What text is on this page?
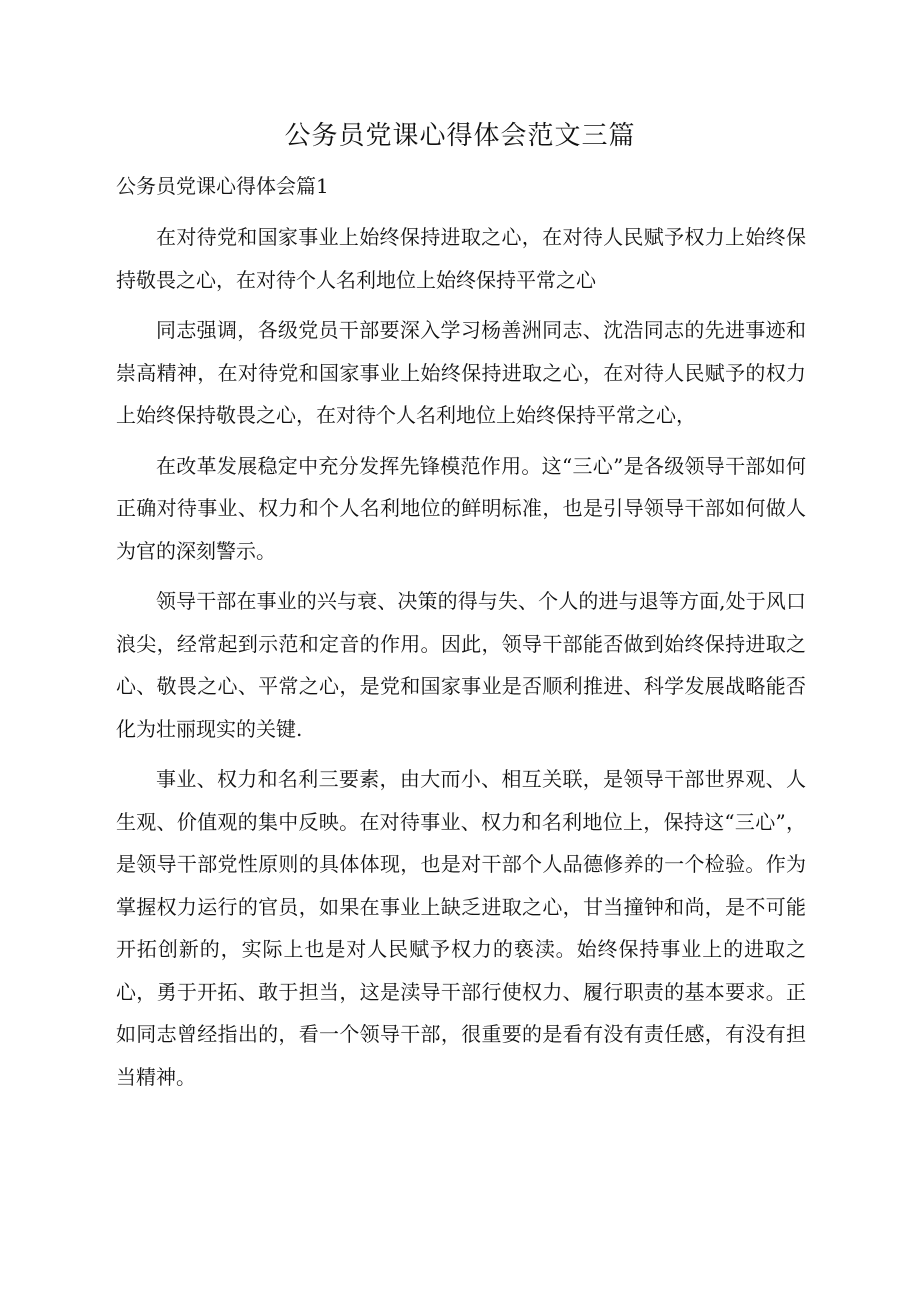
公务员党课心得体会范文三篇
公务员党课心得体会篇1

在对待党和国家事业上始终保持进取之心，在对待人民赋予权力上始终保持敬畏之心，在对待个人名利地位上始终保持平常之心

同志强调，各级党员干部要深入学习杨善洲同志、沈浩同志的先进事迹和崇高精神，在对待党和国家事业上始终保持进取之心，在对待人民赋予的权力上始终保持敬畏之心，在对待个人名利地位上始终保持平常之心，

在改革发展稳定中充分发挥先锋模范作用。这“三心”是各级领导干部如何正确对待事业、权力和个人名利地位的鲜明标准，也是引导领导干部如何做人为官的深刻警示。

领导干部在事业的兴与衰、决策的得与失、个人的进与退等方面,处于风口浪尖，经常起到示范和定音的作用。因此，领导干部能否做到始终保持进取之心、敬畏之心、平常之心，是党和国家事业是否顺利推进、科学发展战略能否化为壮丽现实的关键.

事业、权力和名利三要素，由大而小、相互关联，是领导干部世界观、人生观、价值观的集中反映。在对待事业、权力和名利地位上，保持这“三心”，是领导干部党性原则的具体体现，也是对干部个人品德修养的一个检验。作为掌握权力运行的官员，如果在事业上缺乏进取之心，甘当撞钟和尚，是不可能开拓创新的，实际上也是对人民赋予权力的亵渎。始终保持事业上的进取之心，勇于开拓、敢于担当，这是渎导干部行使权力、履行职责的基本要求。正如同志曾经指出的，看一个领导干部，很重要的是看有没有责任感，有没有担当精神。
